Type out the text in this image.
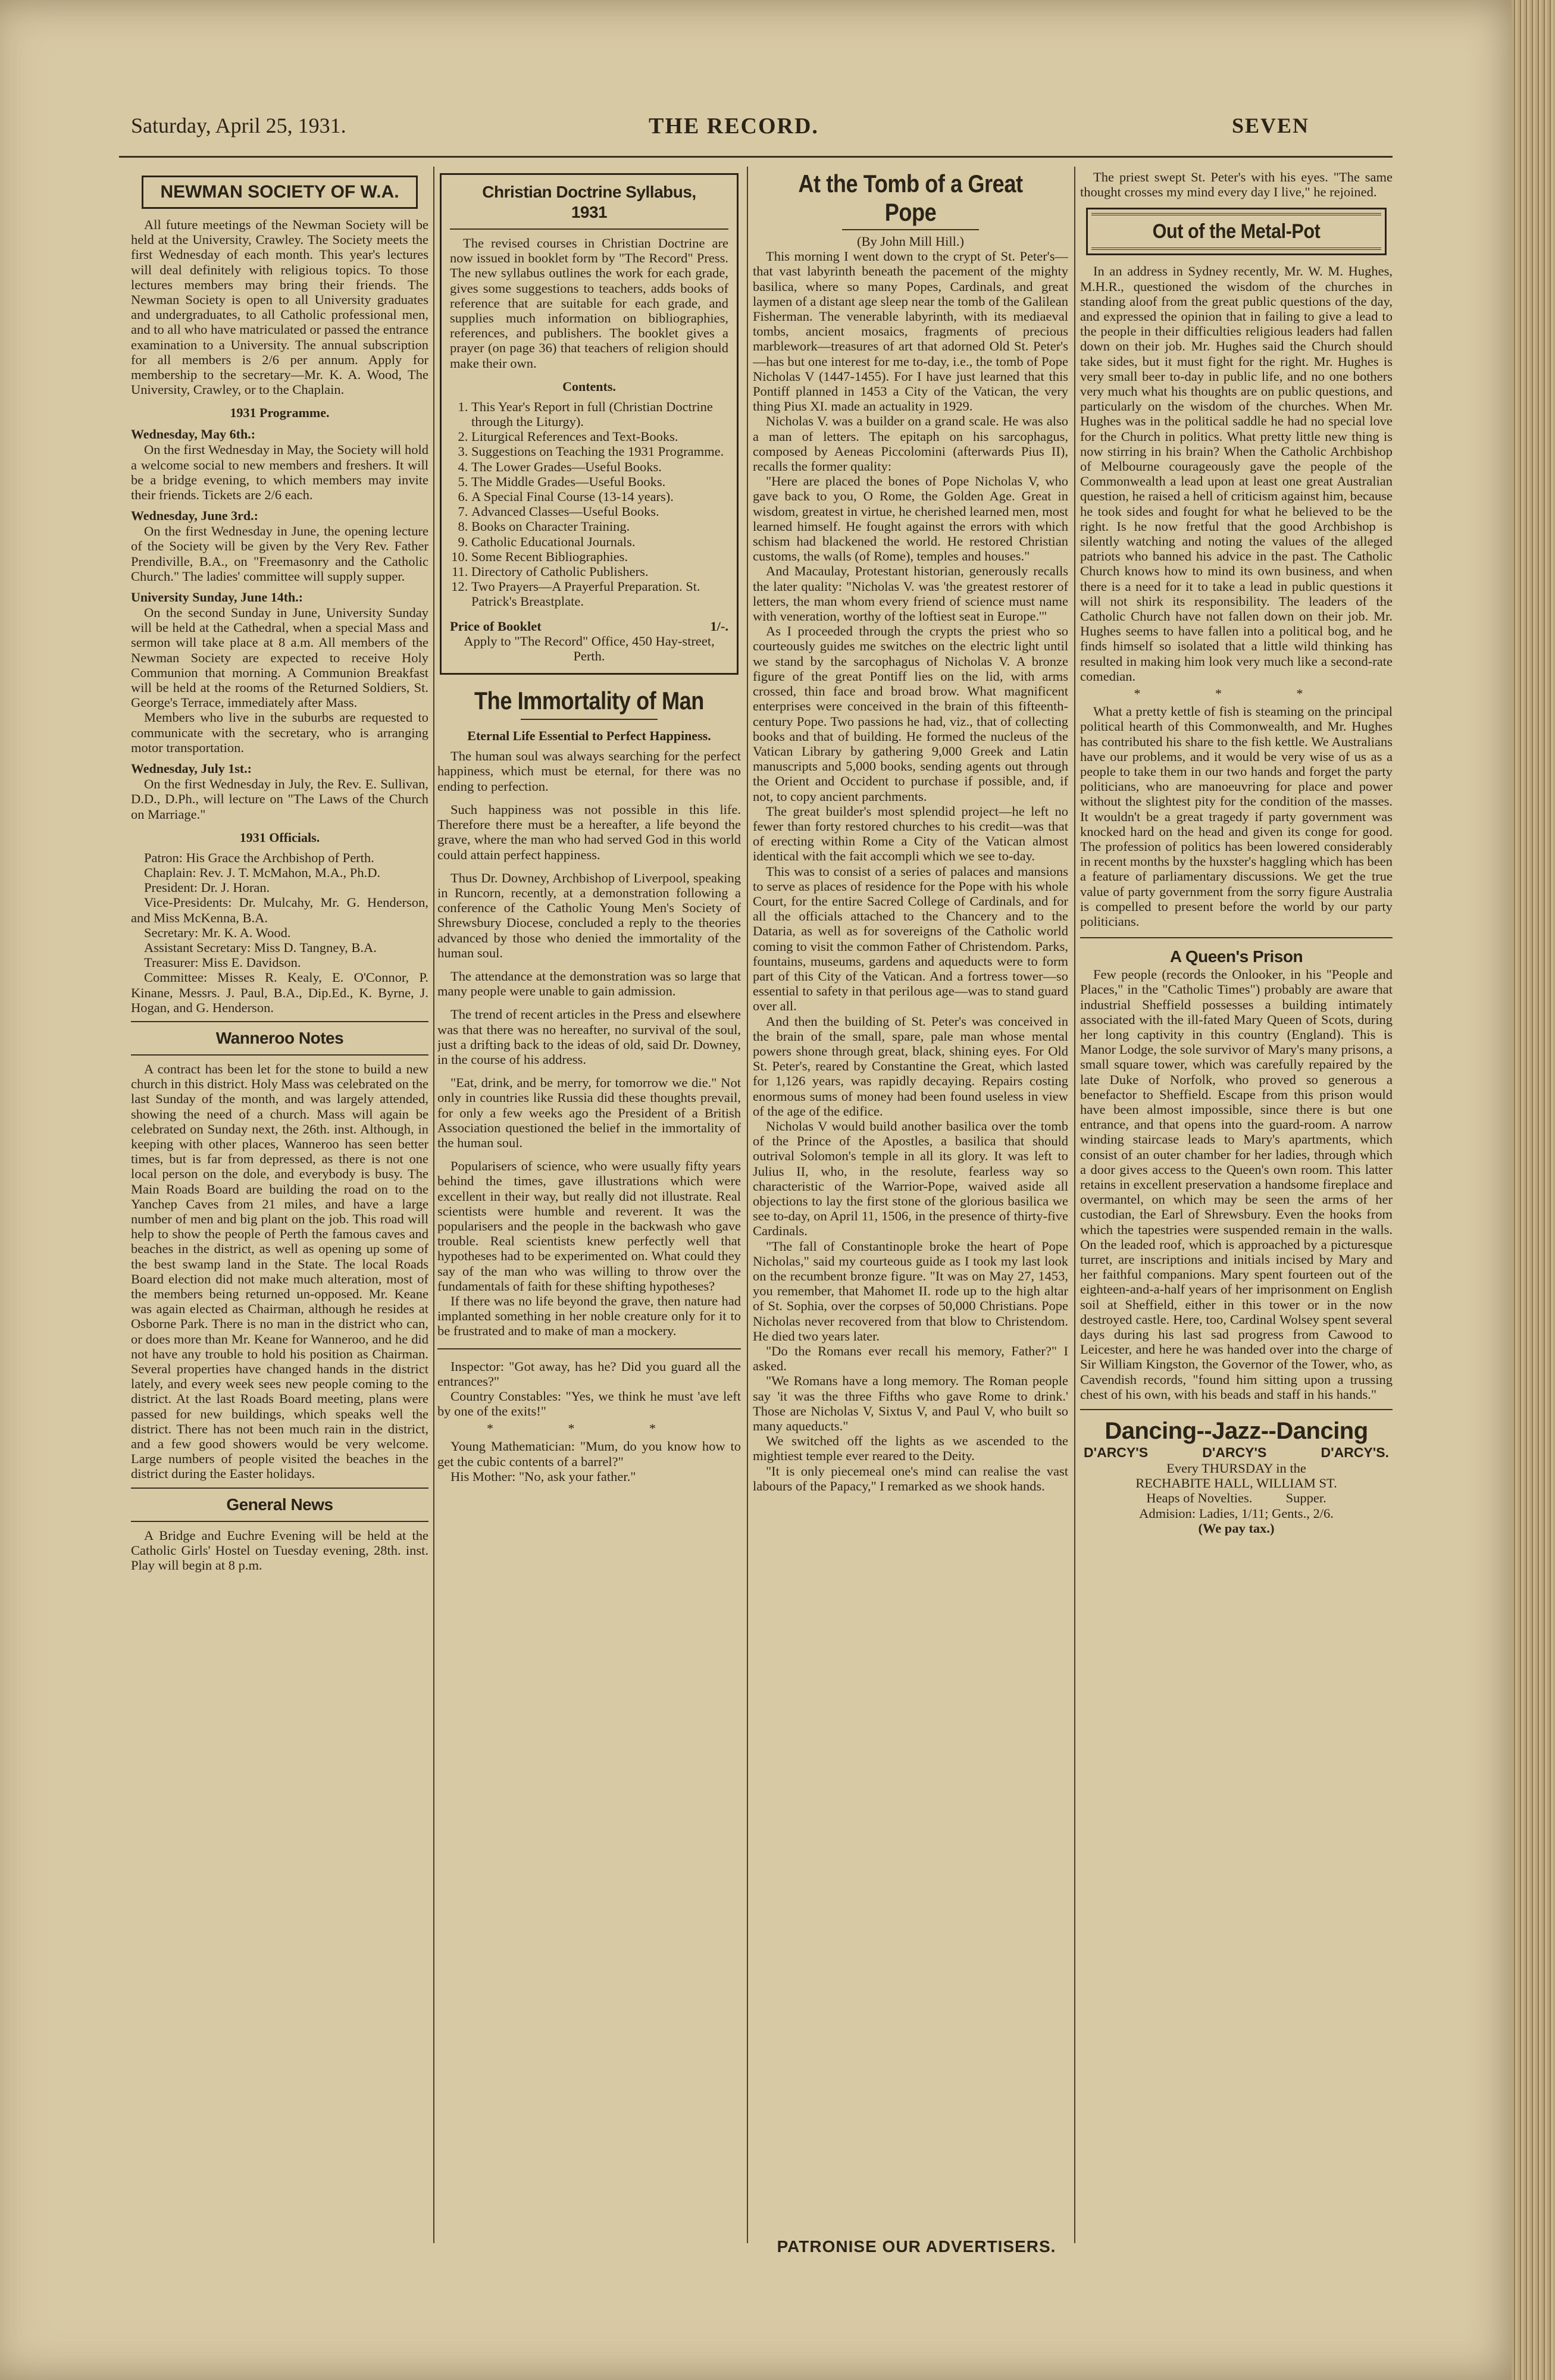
Saturday, April 25, 1931.	THE RECORD.	SEVEN
NEWMAN SOCIETY OF W.A.

All future meetings of the Newman Society will be held at the University, Crawley. The Society meets the first Wednesday of each month. This year's lectures will deal definitely with religious topics. To those lectures members may bring their friends. The Newman Society is open to all University graduates and undergraduates, to all Catholic professional men, and to all who have matriculated or passed the entrance examination to a University. The annual subscription for all members is 2/6 per annum. Apply for membership to the secretary—Mr. K. A. Wood, The University, Crawley, or to the Chaplain.

1931 Programme.

Wednesday, May 6th.:

On the first Wednesday in May, the Society will hold a welcome social to new members and freshers. It will be a bridge evening, to which members may invite their friends. Tickets are 2/6 each.

Wednesday, June 3rd.:

On the first Wednesday in June, the opening lecture of the Society will be given by the Very Rev. Father Prendiville, B.A., on "Freemasonry and the Catholic Church." The ladies' committee will supply supper.

University Sunday, June 14th.:

On the second Sunday in June, University Sunday will be held at the Cathedral, when a special Mass and sermon will take place at 8 a.m. All members of the Newman Society are expected to receive Holy Communion that morning. A Communion Breakfast will be held at the rooms of the Returned Soldiers, St. George's Terrace, immediately after Mass.

Members who live in the suburbs are requested to communicate with the secretary, who is arranging motor transportation.

Wednesday, July 1st.:

On the first Wednesday in July, the Rev. E. Sullivan, D.D., D.Ph., will lecture on "The Laws of the Church on Marriage."

1931 Officials.

Patron: His Grace the Archbishop of Perth.

Chaplain: Rev. J. T. McMahon, M.A., Ph.D.

President: Dr. J. Horan.

Vice-Presidents: Dr. Mulcahy, Mr. G. Henderson, and Miss McKenna, B.A.

Secretary: Mr. K. A. Wood.

Assistant Secretary: Miss D. Tangney, B.A.

Treasurer: Miss E. Davidson.

Committee: Misses R. Kealy, E. O'Connor, P. Kinane, Messrs. J. Paul, B.A., Dip.Ed., K. Byrne, J. Hogan, and G. Henderson.

Wanneroo Notes

A contract has been let for the stone to build a new church in this district. Holy Mass was celebrated on the last Sunday of the month, and was largely attended, showing the need of a church. Mass will again be celebrated on Sunday next, the 26th. inst. Although, in keeping with other places, Wanneroo has seen better times, but is far from depressed, as there is not one local person on the dole, and everybody is busy. The Main Roads Board are building the road on to the Yanchep Caves from 21 miles, and have a large number of men and big plant on the job. This road will help to show the people of Perth the famous caves and beaches in the district, as well as opening up some of the best swamp land in the State. The local Roads Board election did not make much alteration, most of the members being returned un-opposed. Mr. Keane was again elected as Chairman, although he resides at Osborne Park. There is no man in the district who can, or does more than Mr. Keane for Wanneroo, and he did not have any trouble to hold his position as Chairman. Several properties have changed hands in the district lately, and every week sees new people coming to the district. At the last Roads Board meeting, plans were passed for new buildings, which speaks well the district. There has not been much rain in the district, and a few good showers would be very welcome. Large numbers of people visited the beaches in the district during the Easter holidays.

General News

A Bridge and Euchre Evening will be held at the Catholic Girls' Hostel on Tuesday evening, 28th. inst. Play will begin at 8 p.m.

Christian Doctrine Syllabus,

1931

The revised courses in Christian Doctrine are now issued in booklet form by "The Record" Press. The new syllabus outlines the work for each grade, gives some suggestions to teachers, adds books of reference that are suitable for each grade, and supplies much information on bibliographies, references, and publishers. The booklet gives a prayer (on page 36) that teachers of religion should make their own.

Contents.

1. This Year's Report in full (Christian Doctrine through the Liturgy).
2. Liturgical References and Text-Books.
3. Suggestions on Teaching the 1931 Programme.
4. The Lower Grades—Useful Books.
5. The Middle Grades—Useful Books.
6. A Special Final Course (13-14 years).
7. Advanced Classes—Useful Books.
8. Books on Character Training.
9. Catholic Educational Journals.
10. Some Recent Bibliographies.
11. Directory of Catholic Publishers.
12. Two Prayers—A Prayerful Preparation. St. Patrick's Breastplate.

Price of Booklet	1/-.

Apply to "The Record" Office, 450 Hay-street, Perth.

The Immortality of Man

Eternal Life Essential to Perfect Happiness.

The human soul was always searching for the perfect happiness, which must be eternal, for there was no ending to perfection.

Such happiness was not possible in this life. Therefore there must be a hereafter, a life beyond the grave, where the man who had served God in this world could attain perfect happiness.

Thus Dr. Downey, Archbishop of Liverpool, speaking in Runcorn, recently, at a demonstration following a conference of the Catholic Young Men's Society of Shrewsbury Diocese, concluded a reply to the theories advanced by those who denied the immortality of the human soul.

The attendance at the demonstration was so large that many people were unable to gain admission.

The trend of recent articles in the Press and elsewhere was that there was no hereafter, no survival of the soul, just a drifting back to the ideas of old, said Dr. Downey, in the course of his address.

"Eat, drink, and be merry, for tomorrow we die." Not only in countries like Russia did these thoughts prevail, for only a few weeks ago the President of a British Association questioned the belief in the immortality of the human soul.

Popularisers of science, who were usually fifty years behind the times, gave illustrations which were excellent in their way, but really did not illustrate. Real scientists were humble and reverent. It was the popularisers and the people in the backwash who gave trouble. Real scientists knew perfectly well that hypotheses had to be experimented on. What could they say of the man who was willing to throw over the fundamentals of faith for these shifting hypotheses?

If there was no life beyond the grave, then nature had implanted something in her noble creature only for it to be frustrated and to make of man a mockery.

Inspector: "Got away, has he? Did you guard all the entrances?"

Country Constables: "Yes, we think he must 'ave left by one of the exits!"

* * *

Young Mathematician: "Mum, do you know how to get the cubic contents of a barrel?"

His Mother: "No, ask your father."

At the Tomb of a Great Pope

(By John Mill Hill.)

This morning I went down to the crypt of St. Peter's—that vast labyrinth beneath the pacement of the mighty basilica, where so many Popes, Cardinals, and great laymen of a distant age sleep near the tomb of the Galilean Fisherman. The venerable labyrinth, with its mediaeval tombs, ancient mosaics, fragments of precious marblework—treasures of art that adorned Old St. Peter's—has but one interest for me to-day, i.e., the tomb of Pope Nicholas V (1447-1455). For I have just learned that this Pontiff planned in 1453 a City of the Vatican, the very thing Pius XI. made an actuality in 1929.

Nicholas V. was a builder on a grand scale. He was also a man of letters. The epitaph on his sarcophagus, composed by Aeneas Piccolomini (afterwards Pius II), recalls the former quality:

"Here are placed the bones of Pope Nicholas V, who gave back to you, O Rome, the Golden Age. Great in wisdom, greatest in virtue, he cherished learned men, most learned himself. He fought against the errors with which schism had blackened the world. He restored Christian customs, the walls (of Rome), temples and houses."

And Macaulay, Protestant historian, generously recalls the later quality: "Nicholas V. was 'the greatest restorer of letters, the man whom every friend of science must name with veneration, worthy of the loftiest seat in Europe.'"

As I proceeded through the crypts the priest who so courteously guides me switches on the electric light until we stand by the sarcophagus of Nicholas V. A bronze figure of the great Pontiff lies on the lid, with arms crossed, thin face and broad brow. What magnificent enterprises were conceived in the brain of this fifteenth-century Pope. Two passions he had, viz., that of collecting books and that of building. He formed the nucleus of the Vatican Library by gathering 9,000 Greek and Latin manuscripts and 5,000 books, sending agents out through the Orient and Occident to purchase if possible, and, if not, to copy ancient parchments.

The great builder's most splendid project—he left no fewer than forty restored churches to his credit—was that of erecting within Rome a City of the Vatican almost identical with the fait accompli which we see to-day.

This was to consist of a series of palaces and mansions to serve as places of residence for the Pope with his whole Court, for the entire Sacred College of Cardinals, and for all the officials attached to the Chancery and to the Dataria, as well as for sovereigns of the Catholic world coming to visit the common Father of Christendom. Parks, fountains, museums, gardens and aqueducts were to form part of this City of the Vatican. And a fortress tower—so essential to safety in that perilous age—was to stand guard over all.

And then the building of St. Peter's was conceived in the brain of the small, spare, pale man whose mental powers shone through great, black, shining eyes. For Old St. Peter's, reared by Constantine the Great, which lasted for 1,126 years, was rapidly decaying. Repairs costing enormous sums of money had been found useless in view of the age of the edifice.

Nicholas V would build another basilica over the tomb of the Prince of the Apostles, a basilica that should outrival Solomon's temple in all its glory. It was left to Julius II, who, in the resolute, fearless way so characteristic of the Warrior-Pope, waived aside all objections to lay the first stone of the glorious basilica we see to-day, on April 11, 1506, in the presence of thirty-five Cardinals.

"The fall of Constantinople broke the heart of Pope Nicholas," said my courteous guide as I took my last look on the recumbent bronze figure. "It was on May 27, 1453, you remember, that Mahomet II. rode up to the high altar of St. Sophia, over the corpses of 50,000 Christians. Pope Nicholas never recovered from that blow to Christendom. He died two years later.

"Do the Romans ever recall his memory, Father?" I asked.

"We Romans have a long memory. The Roman people say 'it was the three Fifths who gave Rome to drink.' Those are Nicholas V, Sixtus V, and Paul V, who built so many aqueducts."

We switched off the lights as we ascended to the mightiest temple ever reared to the Deity.

"It is only piecemeal one's mind can realise the vast labours of the Papacy," I remarked as we shook hands.

PATRONISE OUR ADVERTISERS.

The priest swept St. Peter's with his eyes. "The same thought crosses my mind every day I live," he rejoined.

Out of the Metal-Pot

In an address in Sydney recently, Mr. W. M. Hughes, M.H.R., questioned the wisdom of the churches in standing aloof from the great public questions of the day, and expressed the opinion that in failing to give a lead to the people in their difficulties religious leaders had fallen down on their job. Mr. Hughes said the Church should take sides, but it must fight for the right. Mr. Hughes is very small beer to-day in public life, and no one bothers very much what his thoughts are on public questions, and particularly on the wisdom of the churches. When Mr. Hughes was in the political saddle he had no special love for the Church in politics. What pretty little new thing is now stirring in his brain? When the Catholic Archbishop of Melbourne courageously gave the people of the Commonwealth a lead upon at least one great Australian question, he raised a hell of criticism against him, because he took sides and fought for what he believed to be the right. Is he now fretful that the good Archbishop is silently watching and noting the values of the alleged patriots who banned his advice in the past. The Catholic Church knows how to mind its own business, and when there is a need for it to take a lead in public questions it will not shirk its responsibility. The leaders of the Catholic Church have not fallen down on their job. Mr. Hughes seems to have fallen into a political bog, and he finds himself so isolated that a little wild thinking has resulted in making him look very much like a second-rate comedian.

* * *

What a pretty kettle of fish is steaming on the principal political hearth of this Commonwealth, and Mr. Hughes has contributed his share to the fish kettle. We Australians have our problems, and it would be very wise of us as a people to take them in our two hands and forget the party politicians, who are manoeuvring for place and power without the slightest pity for the condition of the masses. It wouldn't be a great tragedy if party government was knocked hard on the head and given its conge for good. The profession of politics has been lowered considerably in recent months by the huxster's haggling which has been a feature of parliamentary discussions. We get the true value of party government from the sorry figure Australia is compelled to present before the world by our party politicians.

A Queen's Prison

Few people (records the Onlooker, in his "People and Places," in the "Catholic Times") probably are aware that industrial Sheffield possesses a building intimately associated with the ill-fated Mary Queen of Scots, during her long captivity in this country (England). This is Manor Lodge, the sole survivor of Mary's many prisons, a small square tower, which was carefully repaired by the late Duke of Norfolk, who proved so generous a benefactor to Sheffield. Escape from this prison would have been almost impossible, since there is but one entrance, and that opens into the guard-room. A narrow winding staircase leads to Mary's apartments, which consist of an outer chamber for her ladies, through which a door gives access to the Queen's own room. This latter retains in excellent preservation a handsome fireplace and overmantel, on which may be seen the arms of her custodian, the Earl of Shrewsbury. Even the hooks from which the tapestries were suspended remain in the walls. On the leaded roof, which is approached by a picturesque turret, are inscriptions and initials incised by Mary and her faithful companions. Mary spent fourteen out of the eighteen-and-a-half years of her imprisonment on English soil at Sheffield, either in this tower or in the now destroyed castle. Here, too, Cardinal Wolsey spent several days during his last sad progress from Cawood to Leicester, and here he was handed over into the charge of Sir William Kingston, the Governor of the Tower, who, as Cavendish records, "found him sitting upon a trussing chest of his own, with his beads and staff in his hands."

Dancing--Jazz--Dancing

D'ARCY'S	D'ARCY'S	D'ARCY'S.

Every THURSDAY in the

RECHABITE HALL, WILLIAM ST.

Heaps of Novelties.          Supper.

Admision: Ladies, 1/11; Gents., 2/6.

(We pay tax.)
